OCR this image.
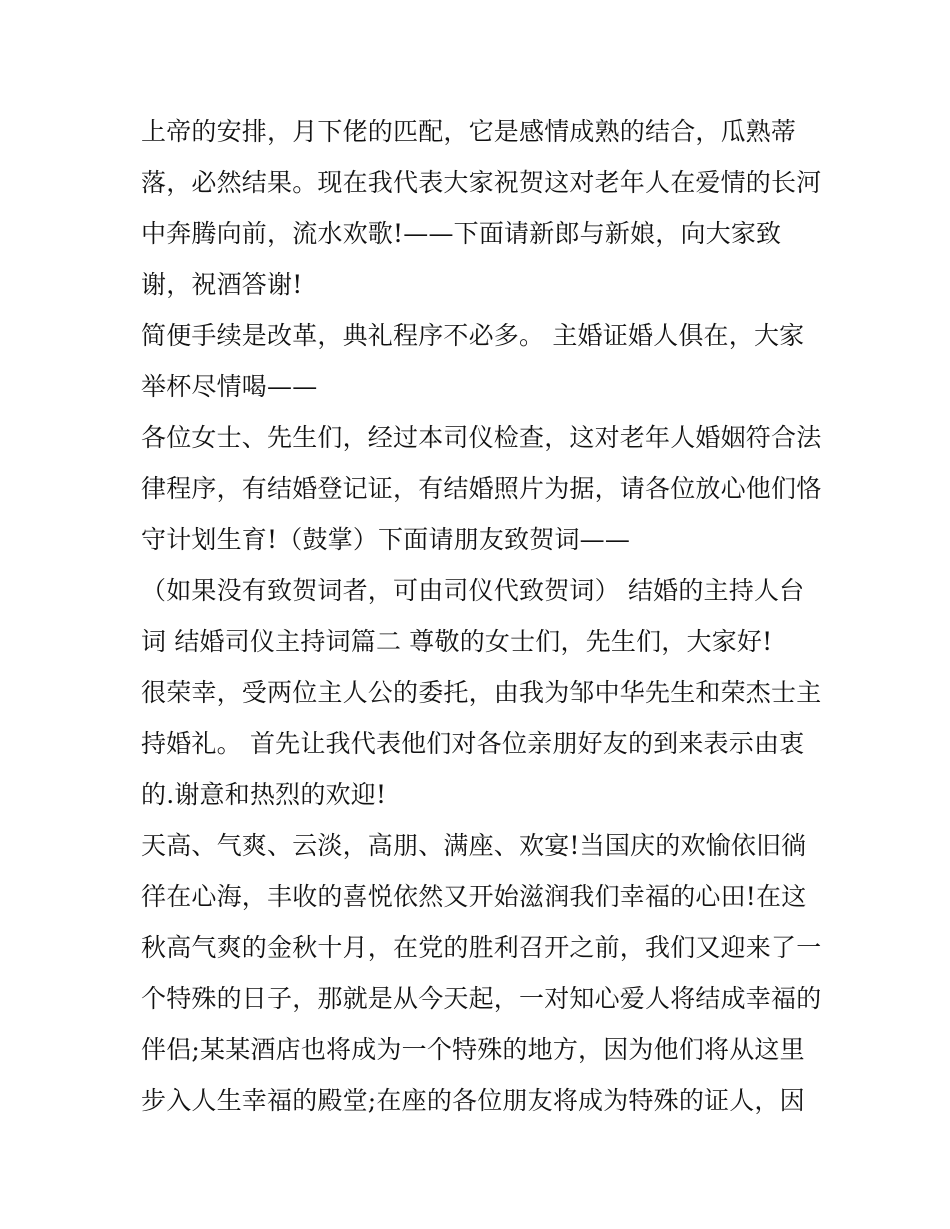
上帝的安排，月下佬的匹配，它是感情成熟的结合，瓜熟蒂
落，必然结果。现在我代表大家祝贺这对老年人在爱情的长河
中奔腾向前，流水欢歌!——下面请新郎与新娘，向大家致
谢，祝酒答谢!
简便手续是改革，典礼程序不必多。 主婚证婚人俱在，大家
举杯尽情喝——
各位女士、先生们，经过本司仪检查，这对老年人婚姻符合法
律程序，有结婚登记证，有结婚照片为据，请各位放心他们恪
守计划生育!（鼓掌）下面请朋友致贺词——
（如果没有致贺词者，可由司仪代致贺词） 结婚的主持人台
词 结婚司仪主持词篇二 尊敬的女士们，先生们，大家好!
很荣幸，受两位主人公的委托，由我为邹中华先生和荣杰士主
持婚礼。 首先让我代表他们对各位亲朋好友的到来表示由衷
的.谢意和热烈的欢迎!
天高、气爽、云淡，高朋、满座、欢宴!当国庆的欢愉依旧徜
徉在心海，丰收的喜悦依然又开始滋润我们幸福的心田!在这
秋高气爽的金秋十月，在党的胜利召开之前，我们又迎来了一
个特殊的日子，那就是从今天起，一对知心爱人将结成幸福的
伴侣;某某酒店也将成为一个特殊的地方，因为他们将从这里
步入人生幸福的殿堂;在座的各位朋友将成为特殊的证人，因
